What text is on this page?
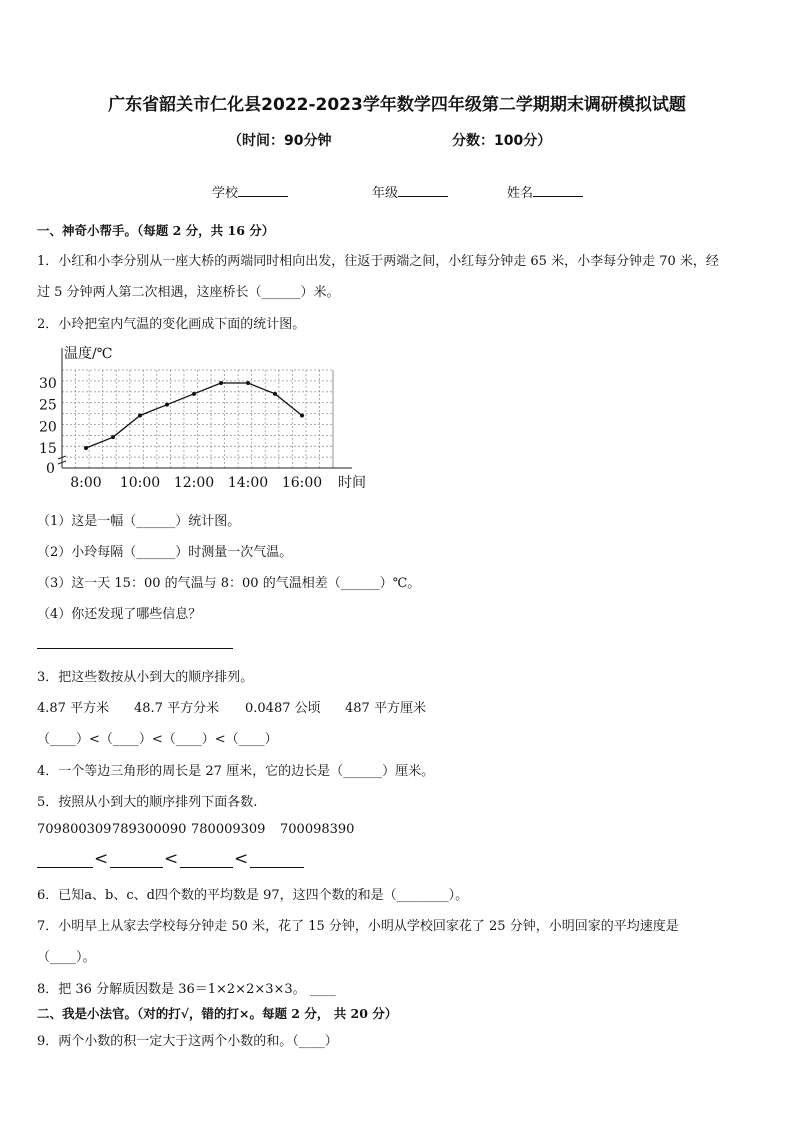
广东省韶关市仁化县2022-2023学年数学四年级第二学期期末调研模拟试题
（时间：90分钟	分数：100分）
学校	年级	姓名
一、神奇小帮手。（每题 2 分，共 16 分）
1．小红和小李分别从一座大桥的两端同时相向出发，往返于两端之间，小红每分钟走 65 米，小李每分钟走 70 米，经
过 5 分钟两人第二次相遇，这座桥长（______）米。
2．小玲把室内气温的变化画成下面的统计图。
温度/℃
时间
0
15
20
25
30
8:00 10:00 12:00 14:00 16:00
（1）这是一幅（______）统计图。
（2）小玲每隔（______）时测量一次气温。
（3）这一天 15：00 的气温与 8：00 的气温相差（______）℃。
（4）你还发现了哪些信息？
3．把这些数按从小到大的顺序排列。
4.87 平方米 48.7 平方分米 0.0487 公顷 487 平方厘米
（____）<（____）<（____）<（____）
4．一个等边三角形的周长是 27 厘米，它的边长是（______）厘米。
5．按照从小到大的顺序排列下面各数.
709800309 789300090 780009309 700098390
<	<	<
6．已知a、b、c、d四个数的平均数是 97，这四个数的和是（________）。
7．小明早上从家去学校每分钟走 50 米，花了 15 分钟，小明从学校回家花了 25 分钟，小明回家的平均速度是
（____）。
8．把 36 分解质因数是 36＝1×2×2×3×3。 ____
二、我是小法官。（对的打√，错的打×。每题 2 分， 共 20 分）
9．两个小数的积一定大于这两个小数的和。（____）
